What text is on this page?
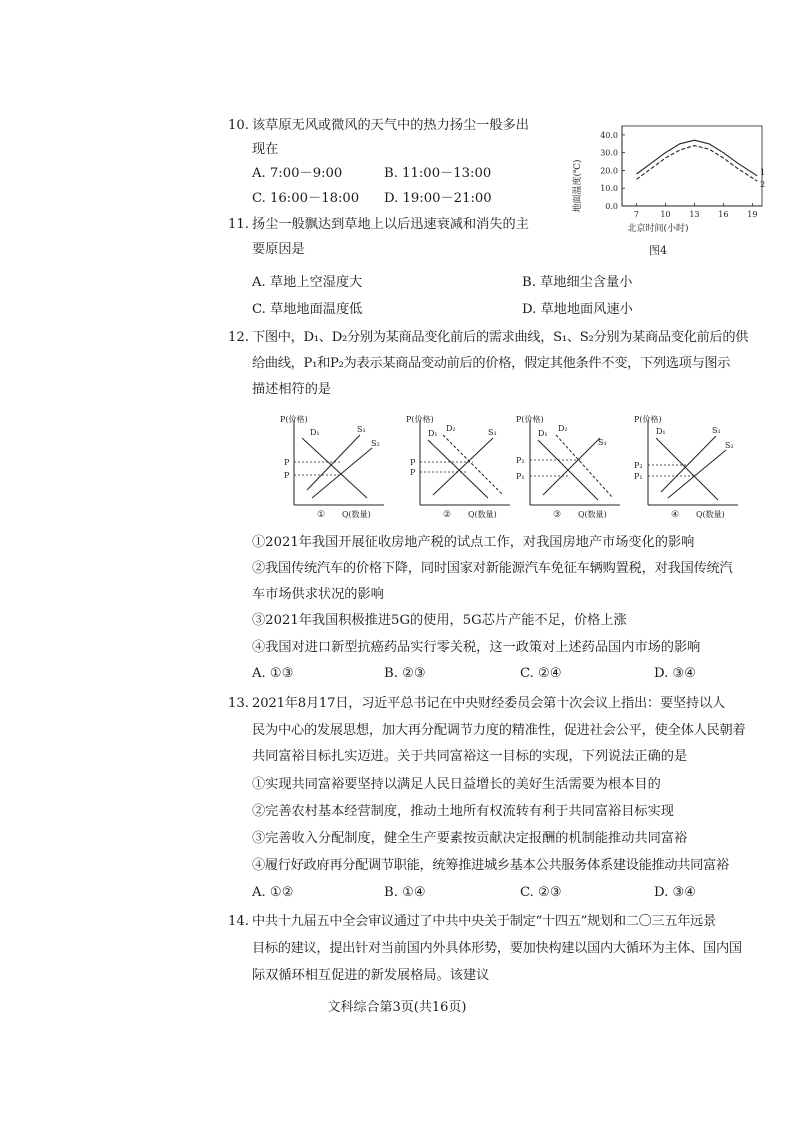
10. 该草原无风或微风的天气中的热力扬尘一般多出
现在
A. 7:00－9:00	B. 11:00－13:00
C. 16:00－18:00 D. 19:00－21:00
0.0
10.0
20.0
30.0
40.0
7	10 13 16 19
1
2
地面温度(℃)
北京时间(小时)
图4
11. 扬尘一般飘达到草地上以后迅速衰减和消失的主
要原因是
A. 草地上空湿度大	B. 草地细尘含量小
C. 草地地面温度低	D. 草地地面风速小
12. 下图中，D₁、D₂分别为某商品变化前后的需求曲线，S₁、S₂分别为某商品变化前后的供
给曲线，P₁和P₂为表示某商品变动前后的价格，假定其他条件不变，下列选项与图示
描述相符的是
P(价格)
Q(数量)
①
D₁	S₁
S₂
P
P
P(价格)
Q(数量)
②
D₁
D₂	S₁
P
P
P(价格)
Q(数量)
③
D₁
D₂
S₁
P₂
P₁
P(价格)
Q(数量)
④
D₁	S₁
S₂
P₂
P₁
①2021年我国开展征收房地产税的试点工作，对我国房地产市场变化的影响
②我国传统汽车的价格下降，同时国家对新能源汽车免征车辆购置税，对我国传统汽
车市场供求状况的影响
③2021年我国积极推进5G的使用，5G芯片产能不足，价格上涨
④我国对进口新型抗癌药品实行零关税，这一政策对上述药品国内市场的影响
A. ①③	B. ②③	C. ②④	D. ③④
13. 2021年8月17日，习近平总书记在中央财经委员会第十次会议上指出：要坚持以人
民为中心的发展思想，加大再分配调节力度的精准性，促进社会公平，使全体人民朝着
共同富裕目标扎实迈进。关于共同富裕这一目标的实现，下列说法正确的是
①实现共同富裕要坚持以满足人民日益增长的美好生活需要为根本目的
②完善农村基本经营制度，推动土地所有权流转有利于共同富裕目标实现
③完善收入分配制度，健全生产要素按贡献决定报酬的机制能推动共同富裕
④履行好政府再分配调节职能，统筹推进城乡基本公共服务体系建设能推动共同富裕
A. ①②	B. ①④	C. ②③	D. ③④
14. 中共十九届五中全会审议通过了中共中央关于制定“十四五”规划和二〇三五年远景
目标的建议，提出针对当前国内外具体形势，要加快构建以国内大循环为主体、国内国
际双循环相互促进的新发展格局。该建议
文科综合第3页(共16页)
